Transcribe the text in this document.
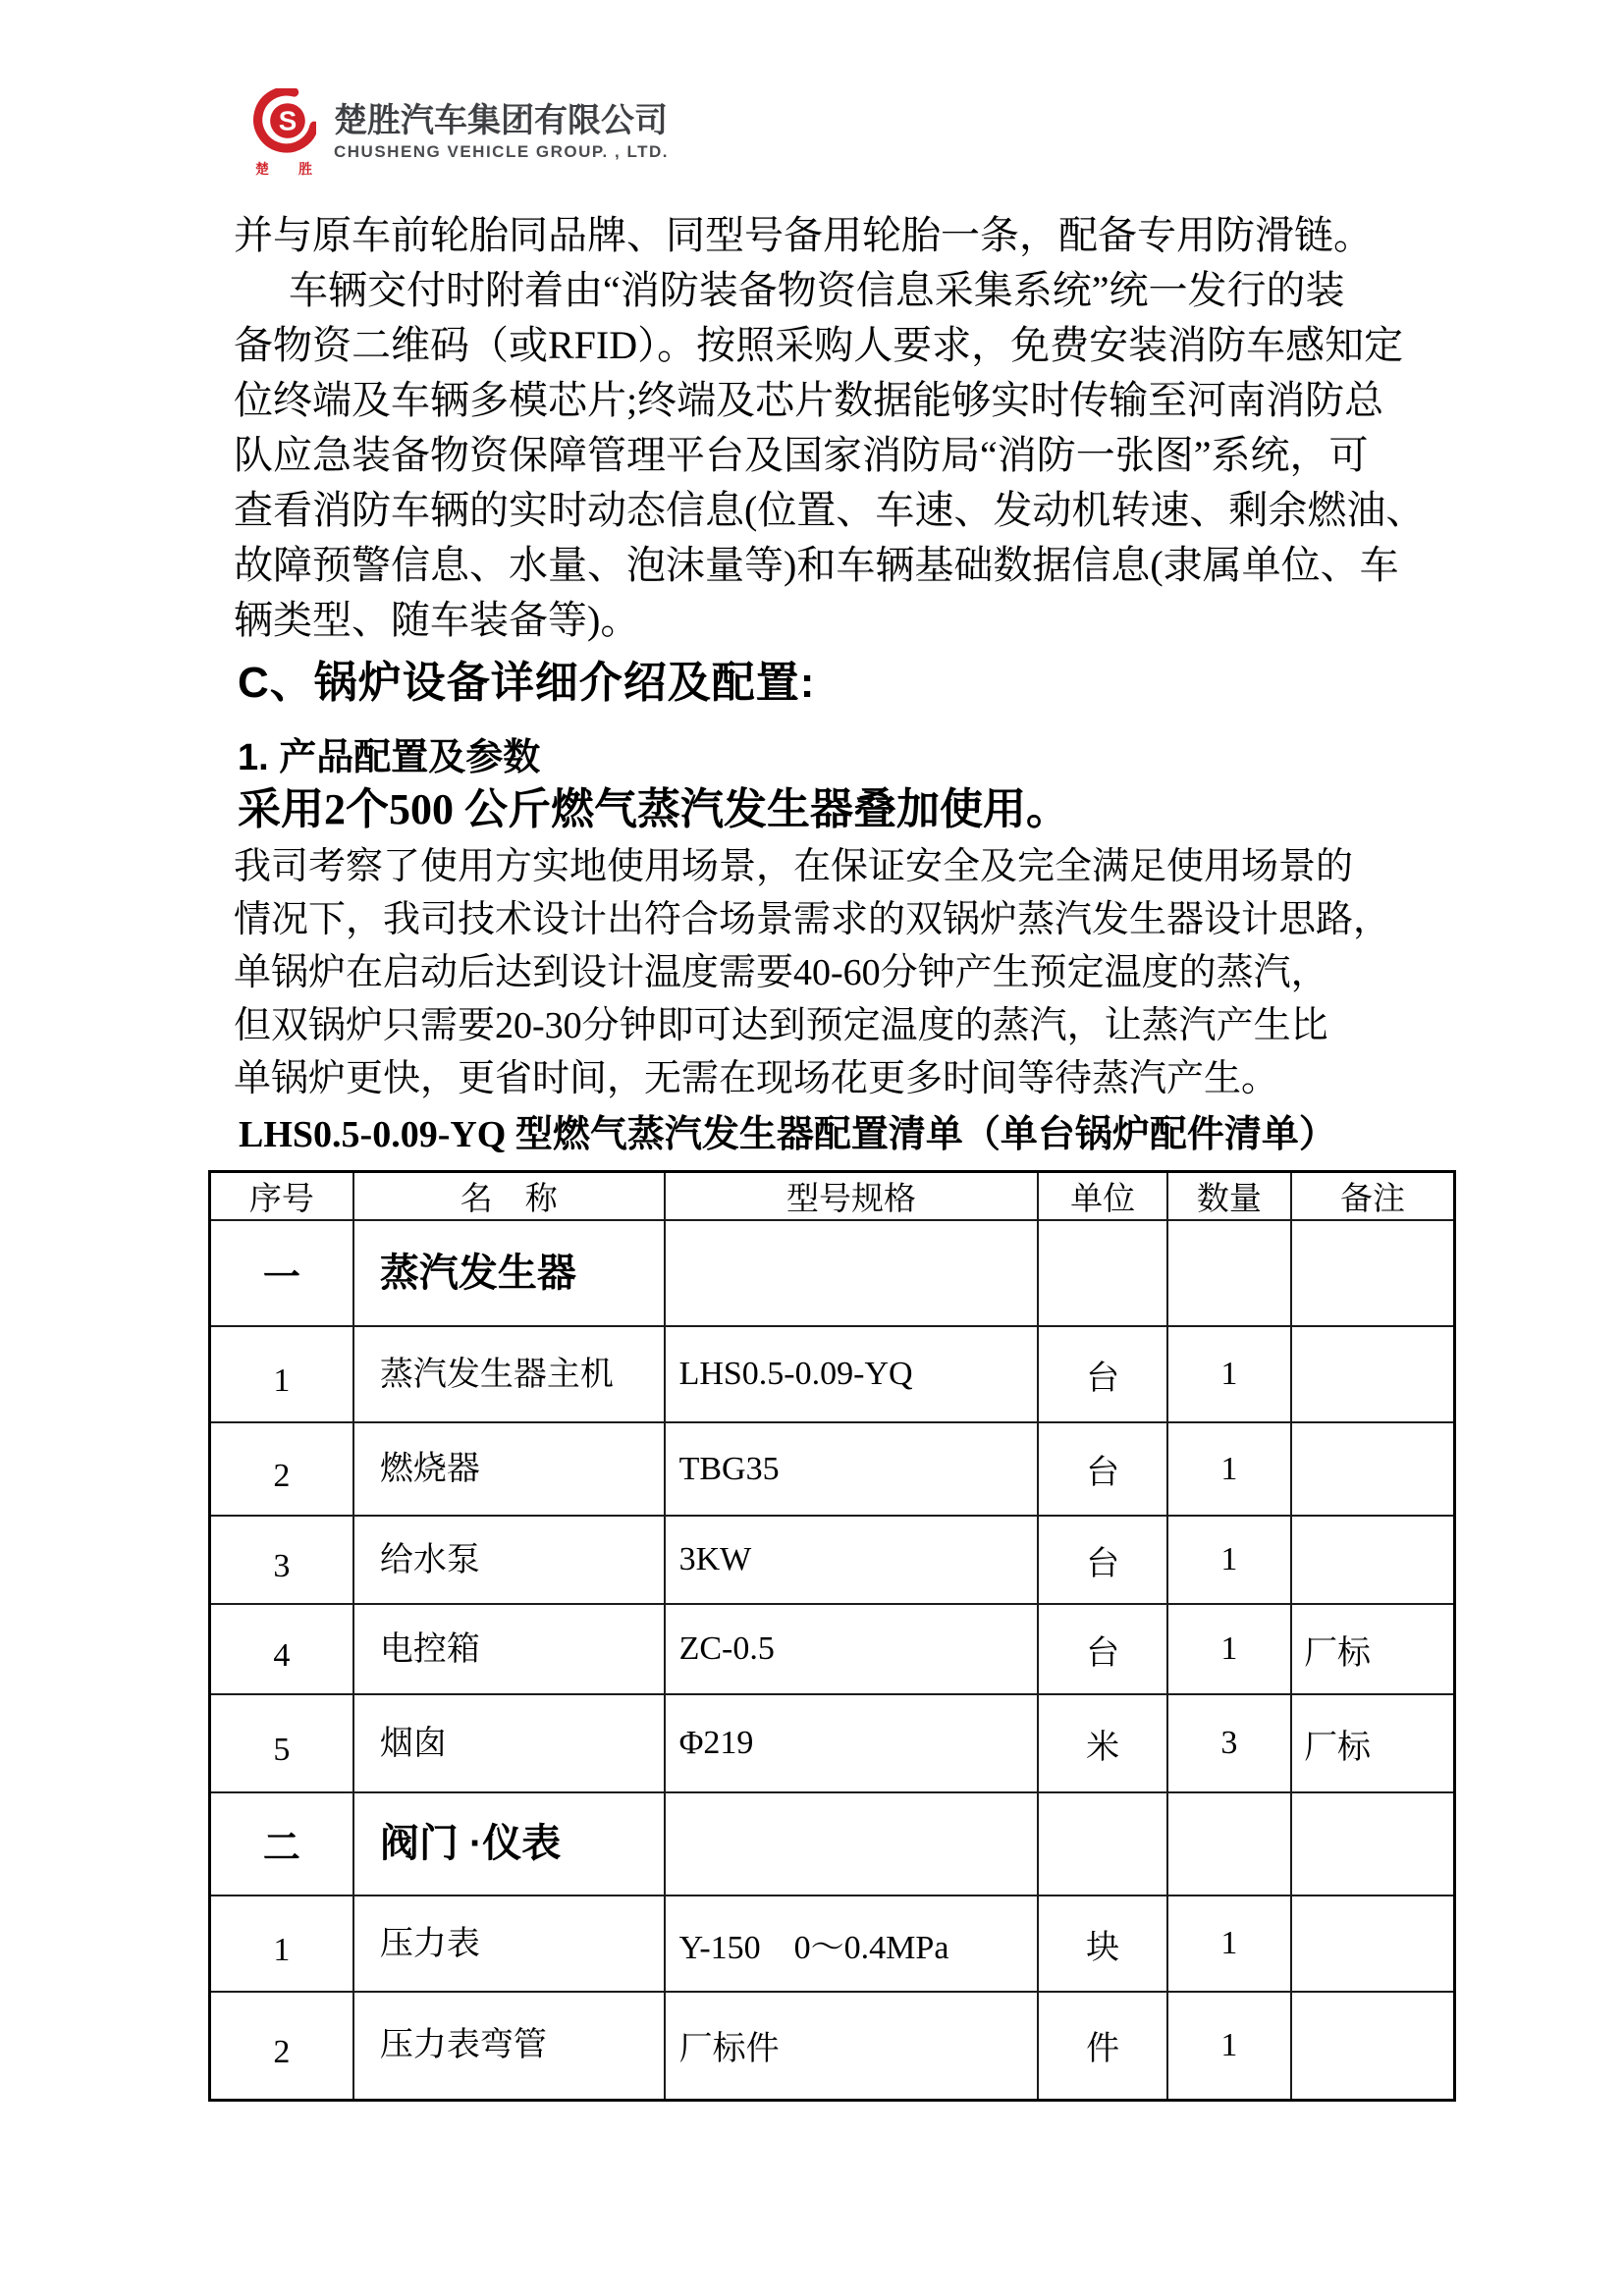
S
楚 胜
楚胜汽车集团有限公司
CHUSHENG VEHICLE GROUP. , LTD.
并与原车前轮胎同品牌、同型号备用轮胎一条，配备专用防滑链。
车辆交付时附着由“消防装备物资信息采集系统”统一发行的装
备物资二维码（或RFID）。按照采购人要求，免费安装消防车感知定
位终端及车辆多模芯片;终端及芯片数据能够实时传输至河南消防总
队应急装备物资保障管理平台及国家消防局“消防一张图”系统，可
查看消防车辆的实时动态信息(位置、车速、发动机转速、剩余燃油、
故障预警信息、水量、泡沫量等)和车辆基础数据信息(隶属单位、车
辆类型、随车装备等)。
C、锅炉设备详细介绍及配置:
1. 产品配置及参数
采用2个500 公斤燃气蒸汽发生器叠加使用。
我司考察了使用方实地使用场景，在保证安全及完全满足使用场景的
情况下，我司技术设计出符合场景需求的双锅炉蒸汽发生器设计思路，
单锅炉在启动后达到设计温度需要40-60分钟产生预定温度的蒸汽，
但双锅炉只需要20-30分钟即可达到预定温度的蒸汽，让蒸汽产生比
单锅炉更快，更省时间，无需在现场花更多时间等待蒸汽产生。
LHS0.5-0.09-YQ 型燃气蒸汽发生器配置清单（单台锅炉配件清单）
序号	名　称	型号规格	单位	数量	备注
一	蒸汽发生器				
1	蒸汽发生器主机	LHS0.5-0.09-YQ	台	1	
2	燃烧器	TBG35	台	1	
3	给水泵	3KW	台	1	
4	电控箱	ZC-0.5	台	1	厂标
5	烟囱	Φ219	米	3	厂标
二	阀门 ·仪表				
1	压力表	Y-150　0～0.4MPa	块	1	
2	压力表弯管	厂标件	件	1	
